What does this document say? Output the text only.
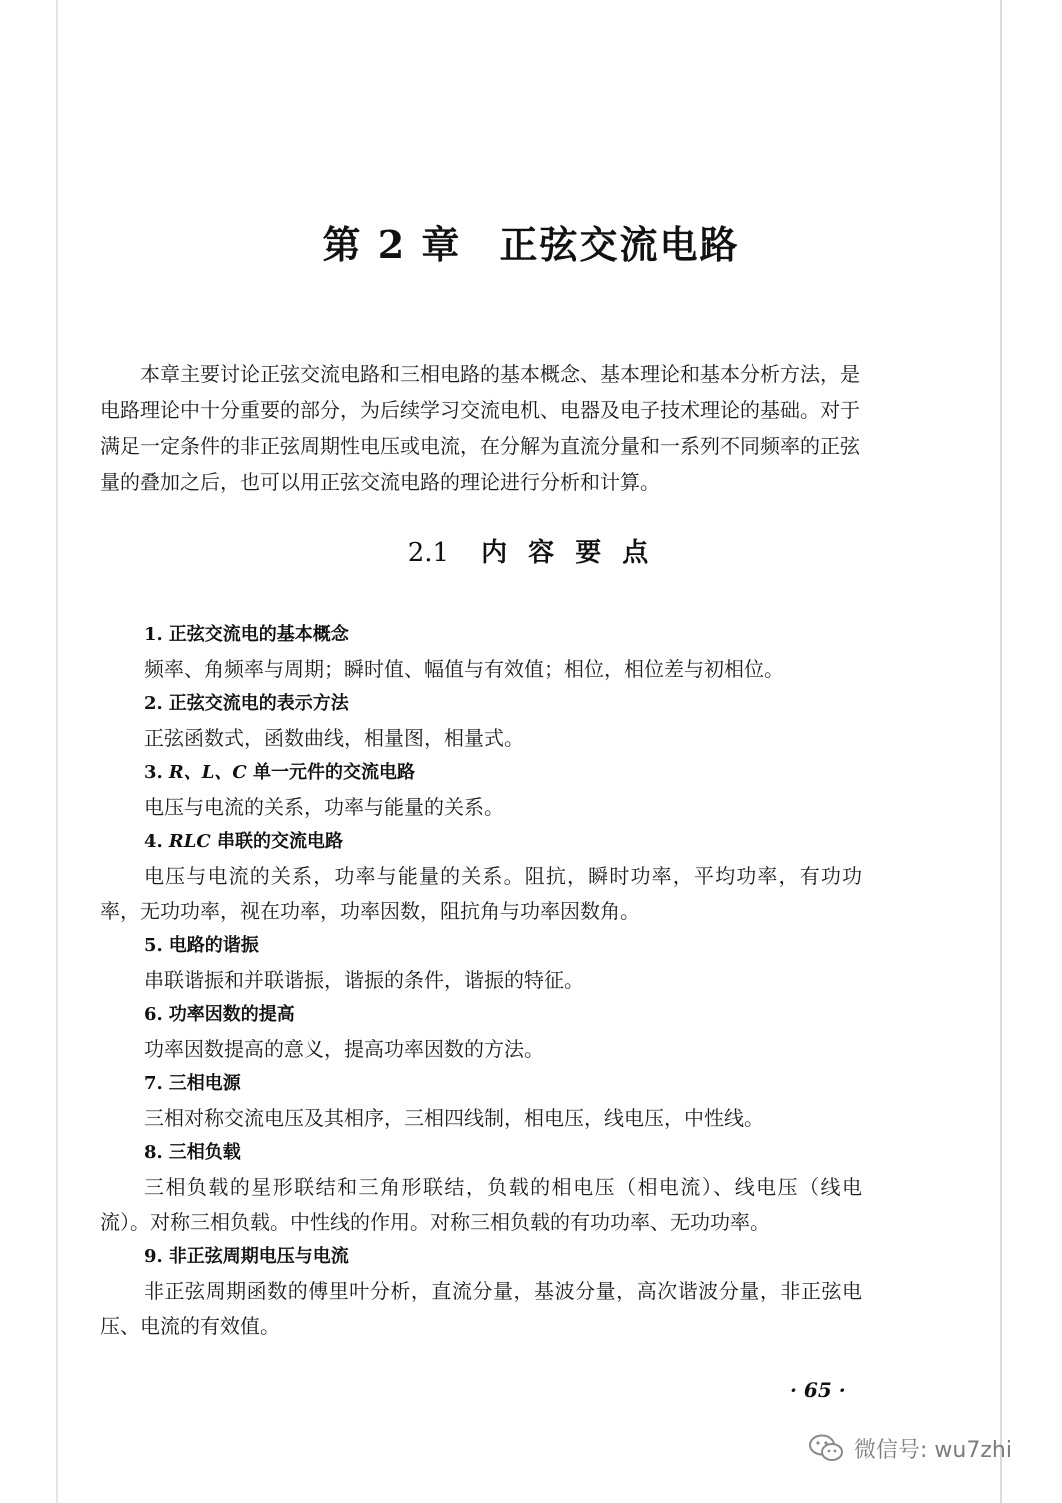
第 2 章 正弦交流电路

本章主要讨论正弦交流电路和三相电路的基本概念、基本理论和基本分析方法，是电路理论中十分重要的部分，为后续学习交流电机、电器及电子技术理论的基础。对于满足一定条件的非正弦周期性电压或电流，在分解为直流分量和一系列不同频率的正弦量的叠加之后，也可以用正弦交流电路的理论进行分析和计算。

2.1 内 容 要 点

1. 正弦交流电的基本概念

频率、角频率与周期；瞬时值、幅值与有效值；相位，相位差与初相位。

2. 正弦交流电的表示方法

正弦函数式，函数曲线，相量图，相量式。

3. R、L、C 单一元件的交流电路

电压与电流的关系，功率与能量的关系。

4. RLC 串联的交流电路

电压与电流的关系，功率与能量的关系。阻抗，瞬时功率，平均功率，有功功率，无功功率，视在功率，功率因数，阻抗角与功率因数角。

5. 电路的谐振

串联谐振和并联谐振，谐振的条件，谐振的特征。

6. 功率因数的提高

功率因数提高的意义，提高功率因数的方法。

7. 三相电源

三相对称交流电压及其相序，三相四线制，相电压，线电压，中性线。

8. 三相负载

三相负载的星形联结和三角形联结，负载的相电压（相电流）、线电压（线电流）。对称三相负载。中性线的作用。对称三相负载的有功功率、无功功率。

9. 非正弦周期电压与电流

非正弦周期函数的傅里叶分析，直流分量，基波分量，高次谐波分量，非正弦电压、电流的有效值。

· 65 ·
微信号: wu7zhi
